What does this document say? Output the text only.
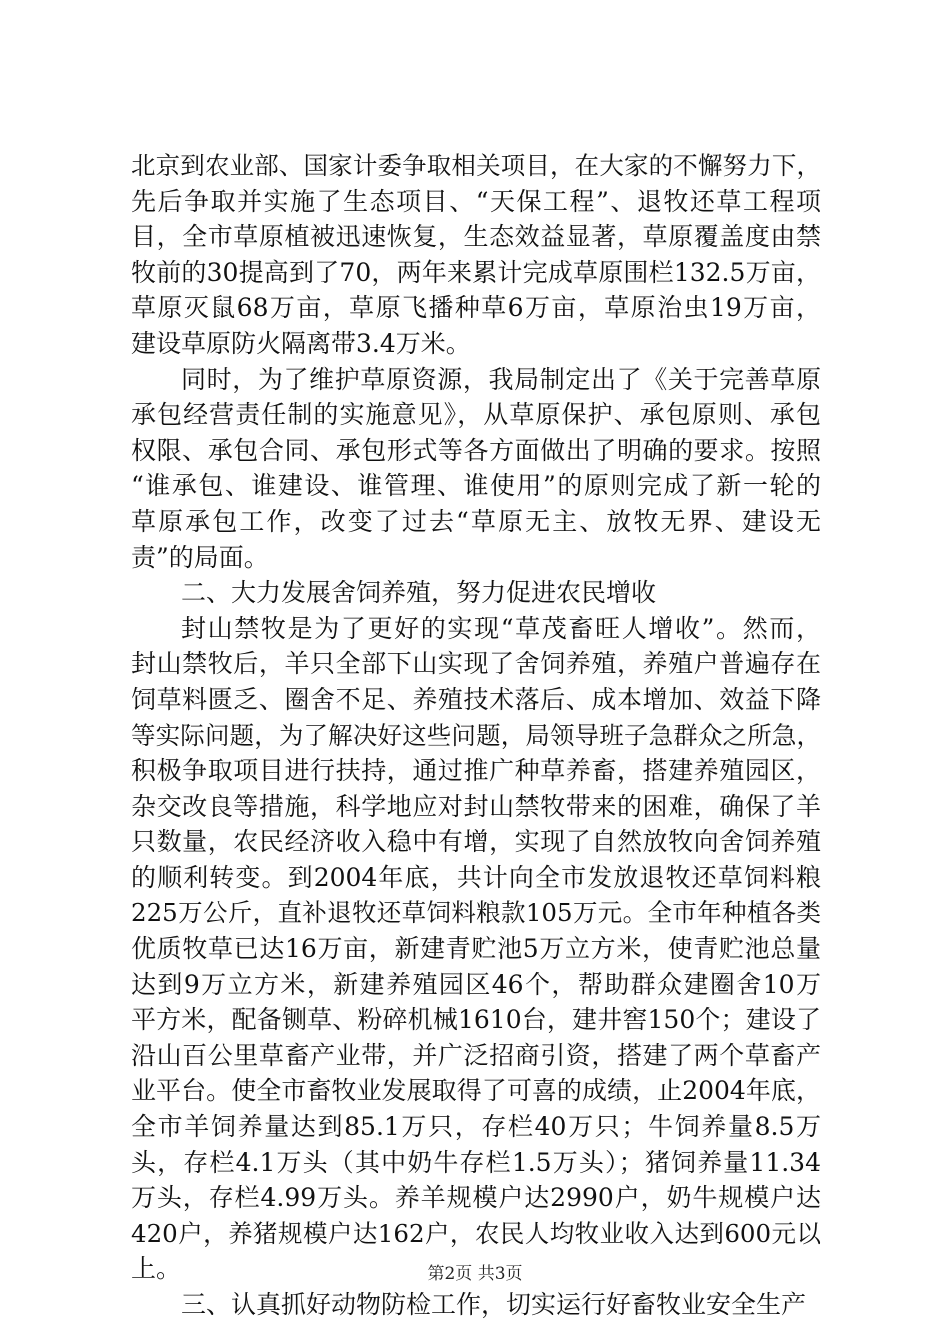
北京到农业部、国家计委争取相关项目，在大家的不懈努力下，
先后争取并实施了生态项目、“天保工程”、退牧还草工程项
目，全市草原植被迅速恢复，生态效益显著，草原覆盖度由禁
牧前的30提高到了70，两年来累计完成草原围栏132.5万亩，
草原灭鼠68万亩，草原飞播种草6万亩，草原治虫19万亩，
建设草原防火隔离带3.4万米。
同时，为了维护草原资源，我局制定出了《关于完善草原
承包经营责任制的实施意见》，从草原保护、承包原则、承包
权限、承包合同、承包形式等各方面做出了明确的要求。按照
“谁承包、谁建设、谁管理、谁使用”的原则完成了新一轮的
草原承包工作，改变了过去“草原无主、放牧无界、建设无
责”的局面。
二、大力发展舍饲养殖，努力促进农民增收
封山禁牧是为了更好的实现“草茂畜旺人增收”。然而，
封山禁牧后，羊只全部下山实现了舍饲养殖，养殖户普遍存在
饲草料匮乏、圈舍不足、养殖技术落后、成本增加、效益下降
等实际问题，为了解决好这些问题，局领导班子急群众之所急，
积极争取项目进行扶持，通过推广种草养畜，搭建养殖园区，
杂交改良等措施，科学地应对封山禁牧带来的困难，确保了羊
只数量，农民经济收入稳中有增，实现了自然放牧向舍饲养殖
的顺利转变。到2004年底，共计向全市发放退牧还草饲料粮
225万公斤，直补退牧还草饲料粮款105万元。全市年种植各类
优质牧草已达16万亩，新建青贮池5万立方米，使青贮池总量
达到9万立方米，新建养殖园区46个，帮助群众建圈舍10万
平方米，配备铡草、粉碎机械1610台，建井窖150个；建设了
沿山百公里草畜产业带，并广泛招商引资，搭建了两个草畜产
业平台。使全市畜牧业发展取得了可喜的成绩，止2004年底，
全市羊饲养量达到85.1万只，存栏40万只；牛饲养量8.5万
头，存栏4.1万头（其中奶牛存栏1.5万头）；猪饲养量11.34
万头，存栏4.99万头。养羊规模户达2990户，奶牛规模户达
420户，养猪规模户达162户，农民人均牧业收入达到600元以
上。
三、认真抓好动物防检工作，切实运行好畜牧业安全生产
第2页 共3页
